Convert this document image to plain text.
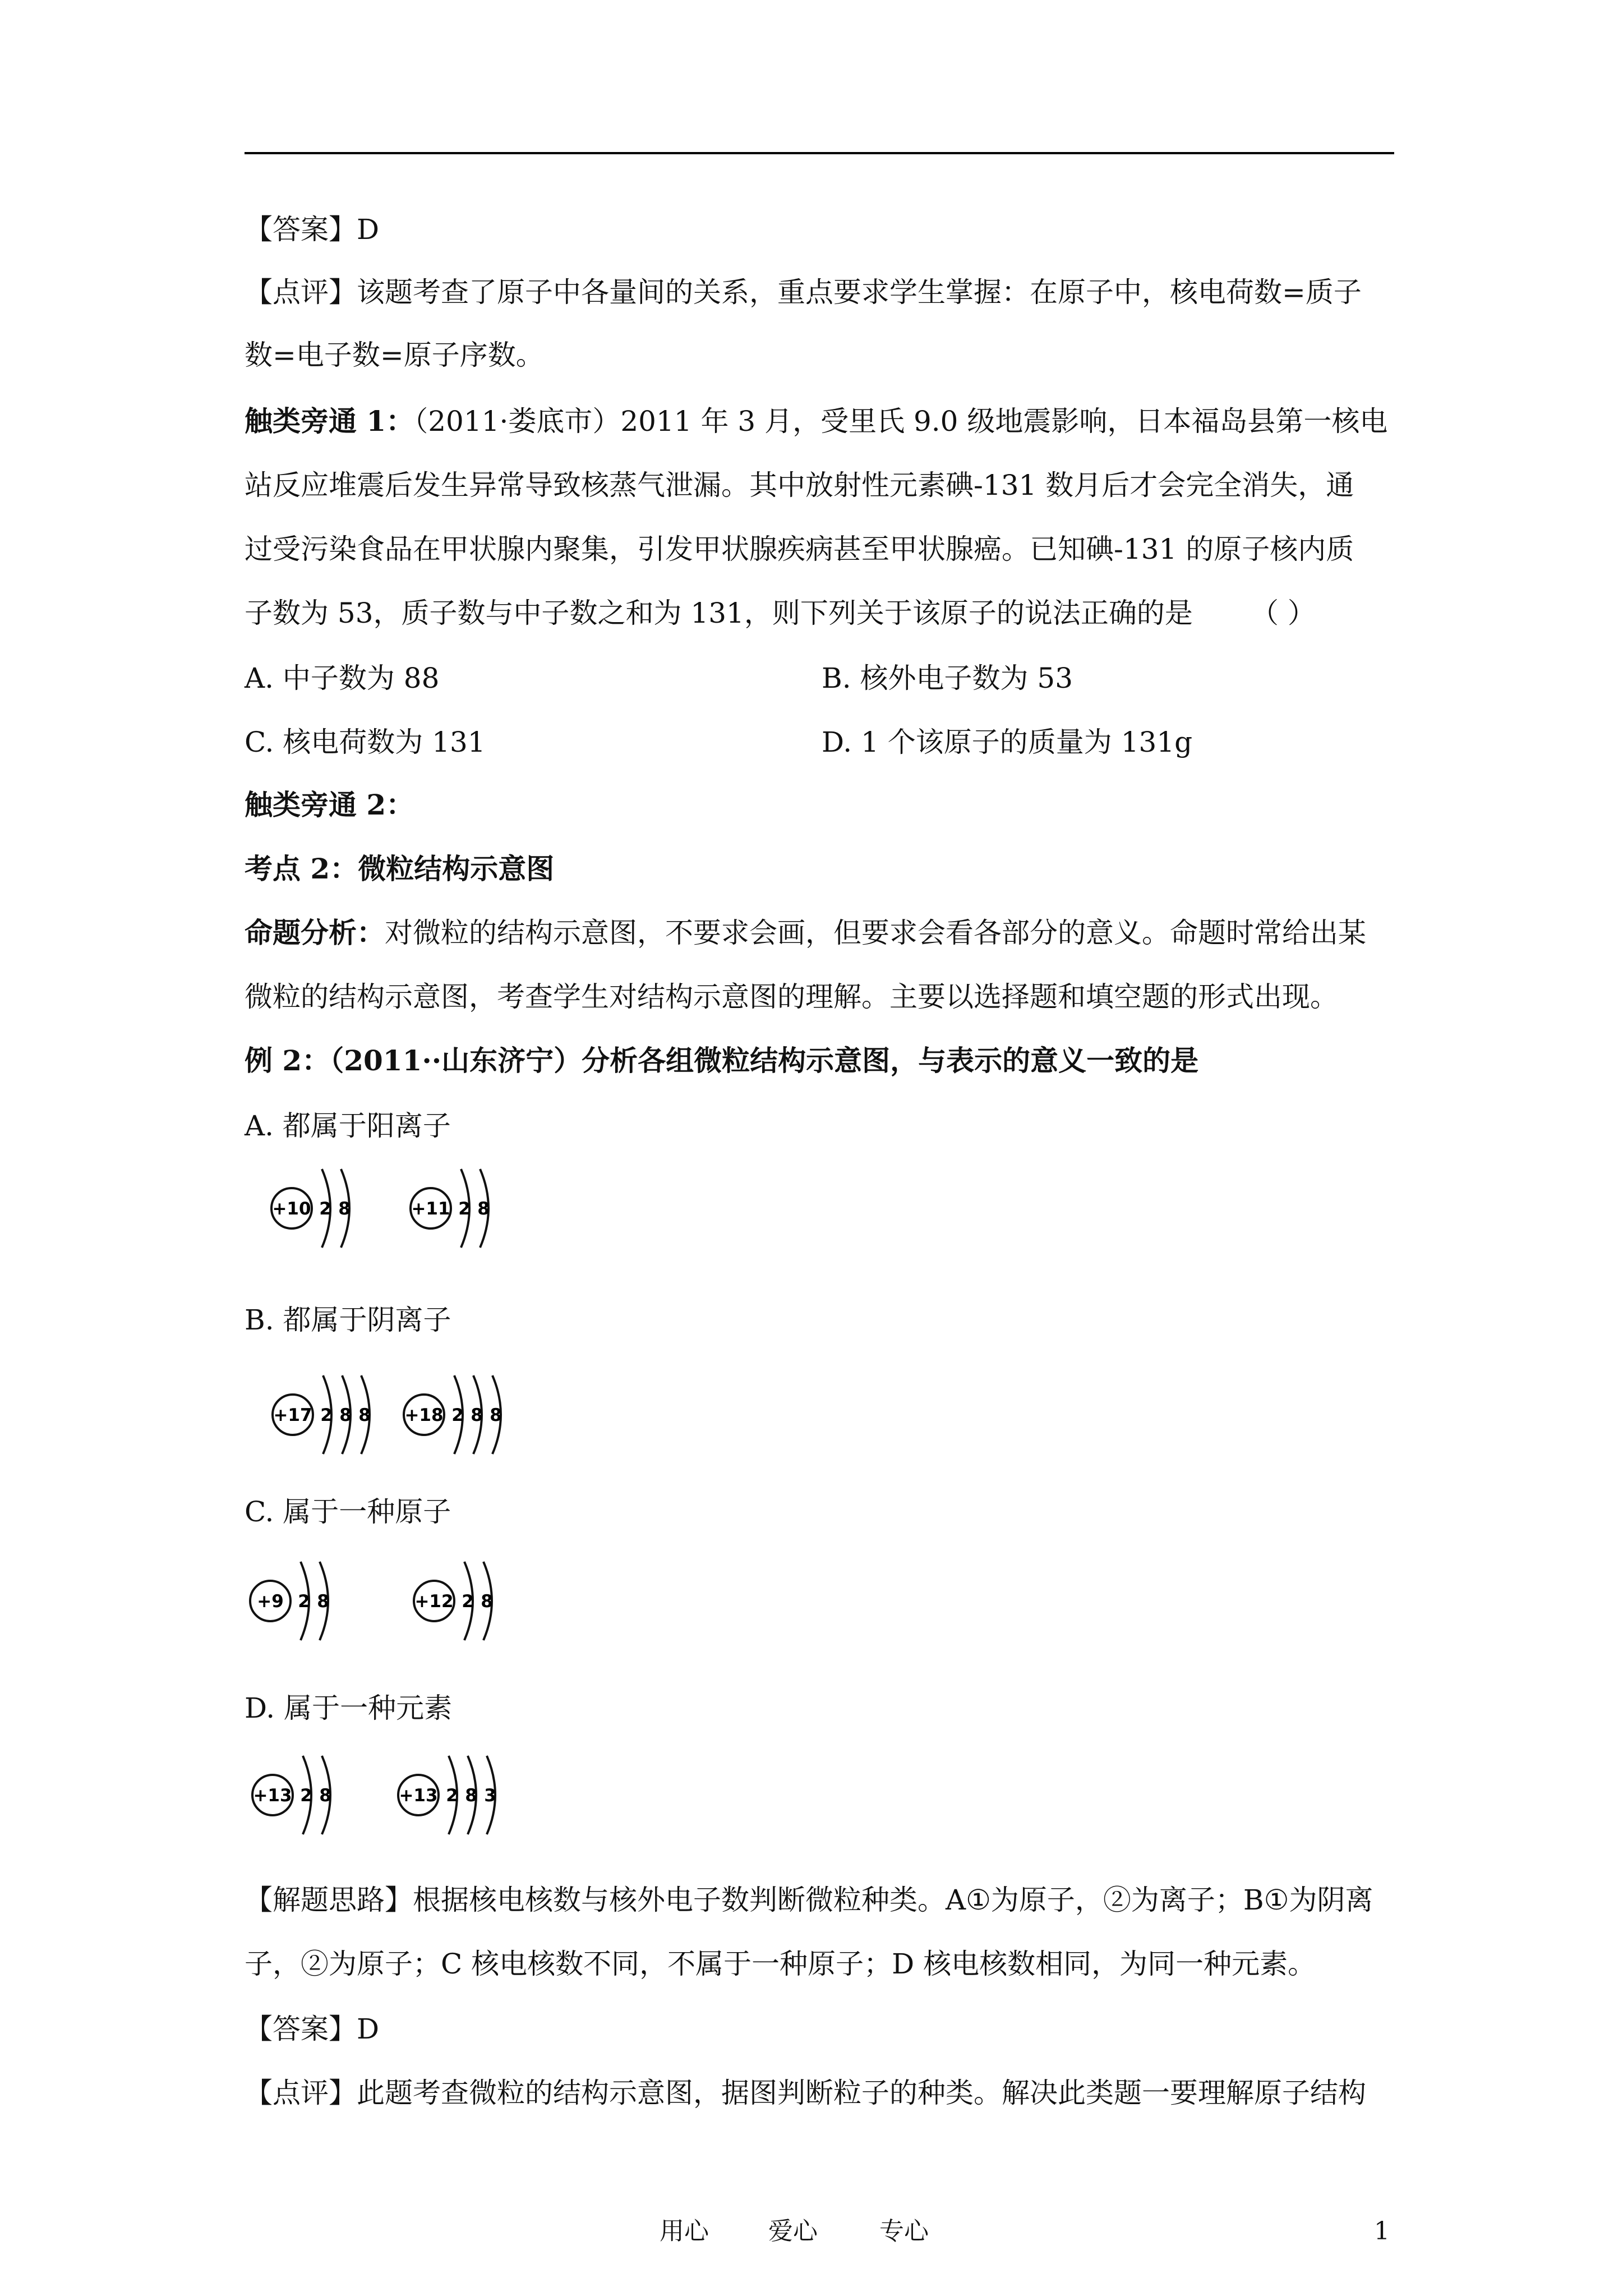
【答案】D
【点评】该题考查了原子中各量间的关系，重点要求学生掌握：在原子中，核电荷数=质子
数=电子数=原子序数。
触类旁通 1：（2011·娄底市）2011 年 3 月，受里氏 9.0 级地震影响，日本福岛县第一核电
站反应堆震后发生异常导致核蒸气泄漏。其中放射性元素碘-131 数月后才会完全消失，通
过受污染食品在甲状腺内聚集，引发甲状腺疾病甚至甲状腺癌。已知碘-131 的原子核内质
子数为 53，质子数与中子数之和为 131，则下列关于该原子的说法正确的是 （ ）
A. 中子数为 88	B. 核外电子数为 53
C. 核电荷数为 131	D. 1 个该原子的质量为 131g
触类旁通 2：
考点 2：微粒结构示意图
命题分析：对微粒的结构示意图，不要求会画，但要求会看各部分的意义。命题时常给出某
微粒的结构示意图，考查学生对结构示意图的理解。主要以选择题和填空题的形式出现。
例 2：（2011··山东济宁）分析各组微粒结构示意图，与表示的意义一致的是
A. 都属于阳离子
+10 2 8	+11 2 8
B. 都属于阴离子
+17 2 8 8 +18 2 8 8
C. 属于一种原子
+9 2 8	+12 2 8
D. 属于一种元素
+13 2 8	+13 2 8 3
【解题思路】根据核电核数与核外电子数判断微粒种类。A①为原子，②为离子；B①为阴离
子，②为原子；C 核电核数不同，不属于一种原子；D 核电核数相同，为同一种元素。
【答案】D
【点评】此题考查微粒的结构示意图，据图判断粒子的种类。解决此类题一要理解原子结构
用心 爱心	专心	1
